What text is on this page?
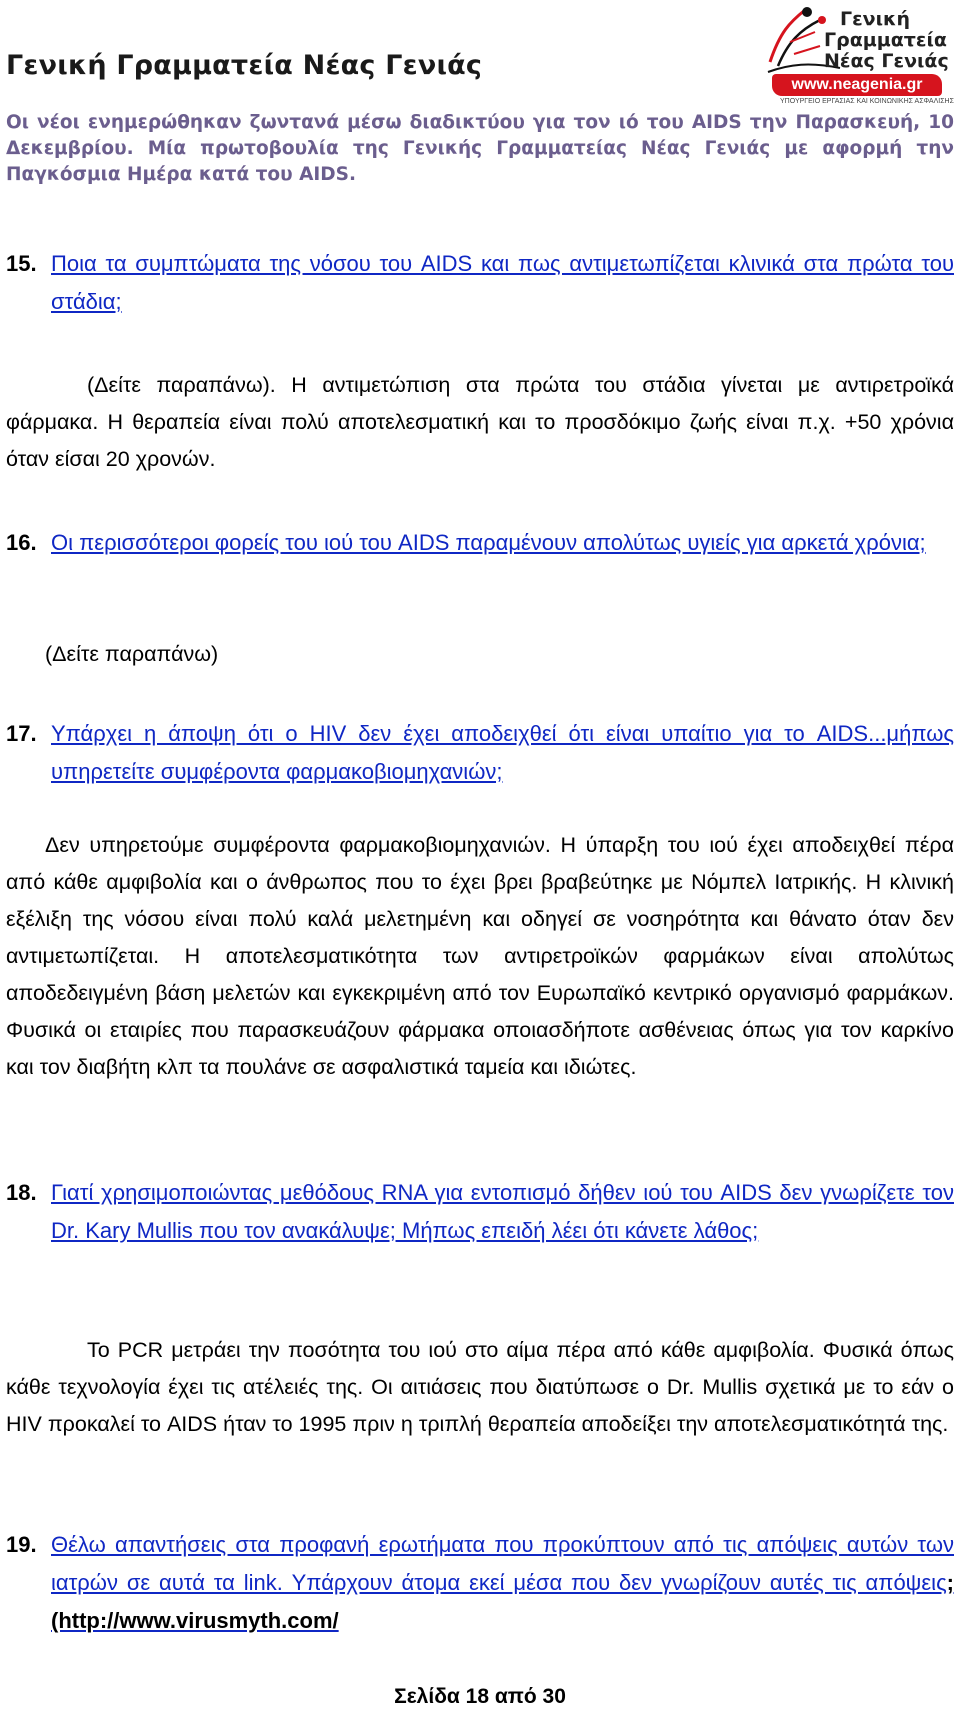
Γενική Γραμματεία Νέας Γενιάς
Γενική
Γραμματεία
Νέας Γενιάς
www.neagenia.gr
ΥΠΟΥΡΓΕΙΟ ΕΡΓΑΣΙΑΣ ΚΑΙ ΚΟΙΝΩΝΙΚΗΣ ΑΣΦΑΛΙΣΗΣ
Οι νέοι ενημερώθηκαν ζωντανά μέσω διαδικτύου για τον ιό του AIDS την Παρασκευή, 10 Δεκεμβρίου. Μία πρωτοβουλία της Γενικής Γραμματείας Νέας Γενιάς με αφορμή την Παγκόσμια Ημέρα κατά του AIDS.
15. Ποια τα συμπτώματα της νόσου του AIDS και πως αντιμετωπίζεται κλινικά στα πρώτα του στάδια;
(Δείτε παραπάνω). Η αντιμετώπιση στα πρώτα του στάδια γίνεται με αντιρετροϊκά φάρμακα. Η θεραπεία είναι πολύ αποτελεσματική και το προσδόκιμο ζωής είναι π.χ. +50 χρόνια όταν είσαι 20 χρονών.
16. Οι περισσότεροι φορείς του ιού του AIDS παραμένουν απολύτως υγιείς για αρκετά χρόνια;
(Δείτε παραπάνω)
17. Υπάρχει η άποψη ότι ο HIV δεν έχει αποδειχθεί ότι είναι υπαίτιο για το AIDS...μήπως υπηρετείτε συμφέροντα φαρμακοβιομηχανιών;
Δεν υπηρετούμε συμφέροντα φαρμακοβιομηχανιών. Η ύπαρξη του ιού έχει αποδειχθεί πέρα από κάθε αμφιβολία και ο άνθρωπος που το έχει βρει βραβεύτηκε με Νόμπελ Ιατρικής. Η κλινική εξέλιξη της νόσου είναι πολύ καλά μελετημένη και οδηγεί σε νοσηρότητα και θάνατο όταν δεν αντιμετωπίζεται. Η αποτελεσματικότητα των αντιρετροϊκών φαρμάκων είναι απολύτως αποδεδειγμένη βάση μελετών και εγκεκριμένη από τον Ευρωπαϊκό κεντρικό οργανισμό φαρμάκων. Φυσικά οι εταιρίες που παρασκευάζουν φάρμακα οποιασδήποτε ασθένειας όπως για τον καρκίνο και τον διαβήτη κλπ τα πουλάνε σε ασφαλιστικά ταμεία και ιδιώτες.
18. Γιατί χρησιμοποιώντας μεθόδους RNA για εντοπισμό δήθεν ιού του AIDS δεν γνωρίζετε τον Dr. Kary Mullis που τον ανακάλυψε; Μήπως επειδή λέει ότι κάνετε λάθος;
Το PCR μετράει την ποσότητα του ιού στο αίμα πέρα από κάθε αμφιβολία. Φυσικά όπως κάθε τεχνολογία έχει τις ατέλειές της. Οι αιτιάσεις που διατύπωσε ο Dr. Mullis σχετικά με το εάν ο HIV προκαλεί το AIDS ήταν το 1995 πριν η τριπλή θεραπεία αποδείξει την αποτελεσματικότητά της.
19. Θέλω απαντήσεις στα προφανή ερωτήματα που προκύπτουν από τις απόψεις αυτών των ιατρών σε αυτά τα link. Υπάρχουν άτομα εκεί μέσα που δεν γνωρίζουν αυτές τις απόψεις; (http://www.virusmyth.com/
Σελίδα 18 από 30
